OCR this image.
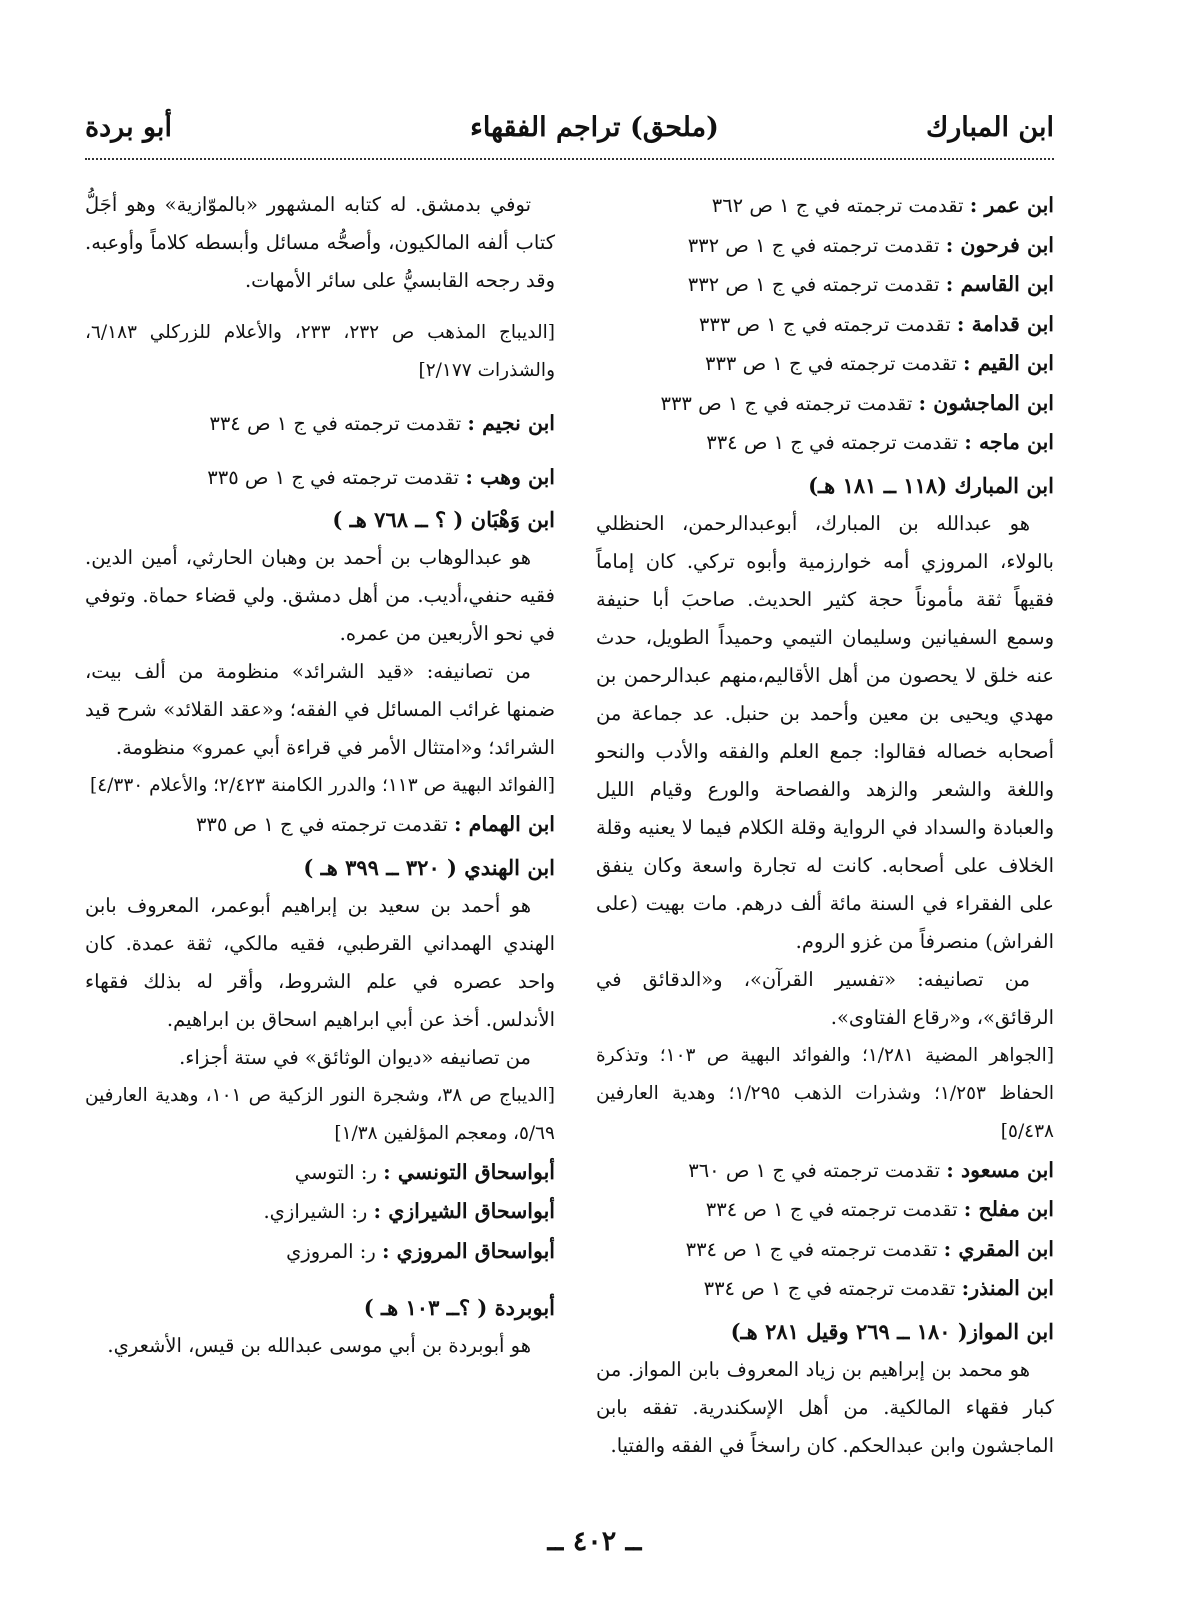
ابن المبارك
(ملحق) تراجم الفقهاء
أبو بردة

ابن عمر : تقدمت ترجمته في ج ١ ص ٣٦٢

ابن فرحون : تقدمت ترجمته في ج ١ ص ٣٣٢

ابن القاسم : تقدمت ترجمته في ج ١ ص ٣٣٢

ابن قدامة : تقدمت ترجمته في ج ١ ص ٣٣٣

ابن القيم : تقدمت ترجمته في ج ١ ص ٣٣٣

ابن الماجشون : تقدمت ترجمته في ج ١ ص ٣٣٣

ابن ماجه : تقدمت ترجمته في ج ١ ص ٣٣٤

ابن المبارك (١١٨ ــ ١٨١ هـ)

هو عبدالله بن المبارك، أبوعبدالرحمن، الحنظلي بالولاء، المروزي أمه خوارزمية وأبوه تركي. كان إماماً فقيهاً ثقة مأموناً حجة كثير الحديث. صاحبَ أبا حنيفة وسمع السفيانين وسليمان التيمي وحميداً الطويل، حدث عنه خلق لا يحصون من أهل الأقاليم،منهم عبدالرحمن بن مهدي ويحيى بن معين وأحمد بن حنبل. عد جماعة من أصحابه خصاله فقالوا: جمع العلم والفقه والأدب والنحو واللغة والشعر والزهد والفصاحة والورع وقيام الليل والعبادة والسداد في الرواية وقلة الكلام فيما لا يعنيه وقلة الخلاف على أصحابه. كانت له تجارة واسعة وكان ينفق على الفقراء في السنة مائة ألف درهم. مات بهيت (على الفراش) منصرفاً من غزو الروم.

من تصانيفه: «تفسير القرآن»، و«الدقائق في الرقائق»، و«رقاع الفتاوى».

[الجواهر المضية ١/٢٨١؛ والفوائد البهية ص ١٠٣؛ وتذكرة الحفاظ ١/٢٥٣؛ وشذرات الذهب ١/٢٩٥؛ وهدية العارفين ٥/٤٣٨]

ابن مسعود : تقدمت ترجمته في ج ١ ص ٣٦٠

ابن مفلح : تقدمت ترجمته في ج ١ ص ٣٣٤

ابن المقري : تقدمت ترجمته في ج ١ ص ٣٣٤

ابن المنذر: تقدمت ترجمته في ج ١ ص ٣٣٤

ابن المواز( ١٨٠ ــ ٢٦٩ وقيل ٢٨١ هـ)

هو محمد بن إبراهيم بن زياد المعروف بابن المواز. من كبار فقهاء المالكية. من أهل الإسكندرية. تفقه بابن الماجشون وابن عبدالحكم. كان راسخاً في الفقه والفتيا.

توفي بدمشق. له كتابه المشهور «بالموّازية» وهو أجَلُّ كتاب ألفه المالكيون، وأصحُّه مسائل وأبسطه كلاماً وأوعبه. وقد رجحه القابسيُّ على سائر الأمهات.

[الديباج المذهب ص ٢٣٢، ٢٣٣، والأعلام للزركلي ٦/١٨٣، والشذرات ٢/١٧٧]

ابن نجيم : تقدمت ترجمته في ج ١ ص ٣٣٤

ابن وهب : تقدمت ترجمته في ج ١ ص ٣٣٥

ابن وَهْبَان ( ؟ ــ ٧٦٨ هـ )

هو عبدالوهاب بن أحمد بن وهبان الحارثي، أمين الدين. فقيه حنفي،أديب. من أهل دمشق. ولي قضاء حماة. وتوفي في نحو الأربعين من عمره.

من تصانيفه: «قيد الشرائد» منظومة من ألف بيت، ضمنها غرائب المسائل في الفقه؛ و«عقد القلائد» شرح قيد الشرائد؛ و«امتثال الأمر في قراءة أبي عمرو» منظومة.

[الفوائد البهية ص ١١٣؛ والدرر الكامنة ٢/٤٢٣؛ والأعلام ٤/٣٣٠]

ابن الهمام : تقدمت ترجمته في ج ١ ص ٣٣٥

ابن الهندي ( ٣٢٠ ــ ٣٩٩ هـ )

هو أحمد بن سعيد بن إبراهيم أبوعمر، المعروف بابن الهندي الهمداني القرطبي، فقيه مالكي، ثقة عمدة. كان واحد عصره في علم الشروط، وأقر له بذلك فقهاء الأندلس. أخذ عن أبي ابراهيم اسحاق بن ابراهيم.

من تصانيفه «ديوان الوثائق» في ستة أجزاء.

[الديباج ص ٣٨، وشجرة النور الزكية ص ١٠١، وهدية العارفين ٥/٦٩، ومعجم المؤلفين ١/٣٨]

أبواسحاق التونسي : ر: التوسي

أبواسحاق الشيرازي : ر: الشيرازي.

أبواسحاق المروزي : ر: المروزي

أبوبردة ( ؟ــ ١٠٣ هـ )

هو أبوبردة بن أبي موسى عبدالله بن قيس، الأشعري.

ــ ٤٠٢ ــ
